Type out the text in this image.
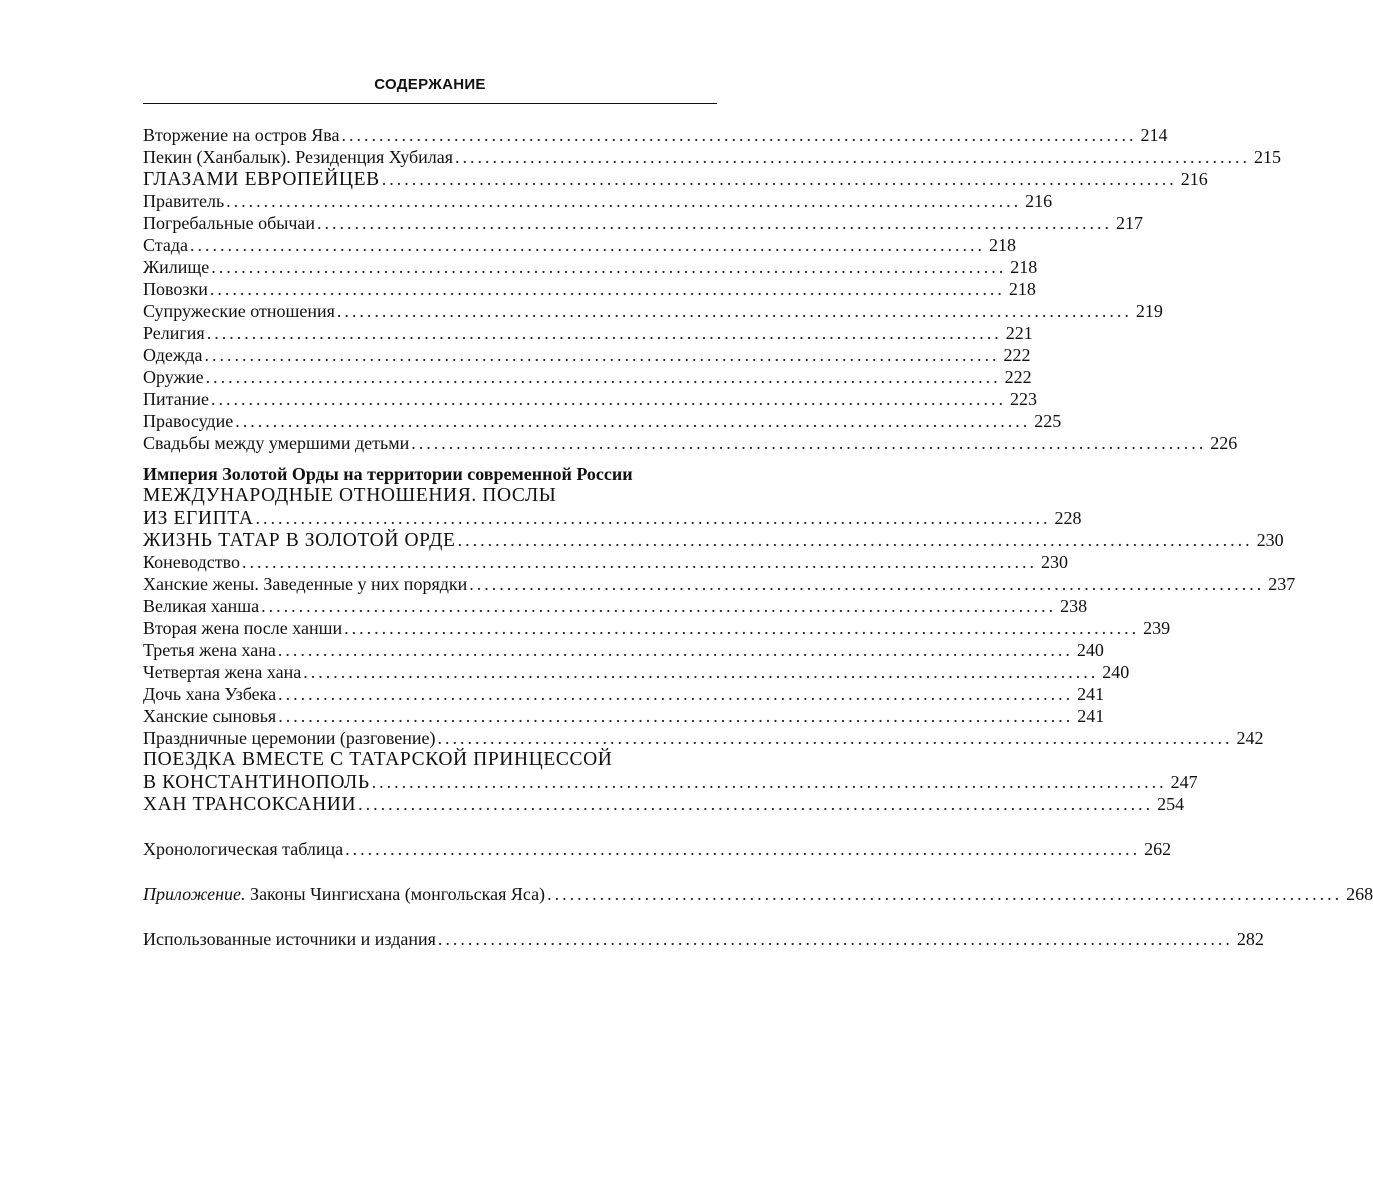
СОДЕРЖАНИЕ
Вторжение на остров Ява .......................................................................................................... 214
Пекин (Ханбалык). Резиденция Хубилая .......................................................................................................... 215
ГЛАЗАМИ ЕВРОПЕЙЦЕВ .......................................................................................................... 216
Правитель .......................................................................................................... 216
Погребальные обычаи .......................................................................................................... 217
Стада .......................................................................................................... 218
Жилище .......................................................................................................... 218
Повозки .......................................................................................................... 218
Супружеские отношения .......................................................................................................... 219
Религия .......................................................................................................... 221
Одежда .......................................................................................................... 222
Оружие .......................................................................................................... 222
Питание .......................................................................................................... 223
Правосудие .......................................................................................................... 225
Свадьбы между умершими детьми .......................................................................................................... 226
Империя Золотой Орды на территории современной России
МЕЖДУНАРОДНЫЕ ОТНОШЕНИЯ. ПОСЛЫ
ИЗ ЕГИПТА .......................................................................................................... 228
ЖИЗНЬ ТАТАР В ЗОЛОТОЙ ОРДЕ .......................................................................................................... 230
Коневодство .......................................................................................................... 230
Ханские жены. Заведенные у них порядки .......................................................................................................... 237
Великая ханша .......................................................................................................... 238
Вторая жена после ханши .......................................................................................................... 239
Третья жена хана .......................................................................................................... 240
Четвертая жена хана .......................................................................................................... 240
Дочь хана Узбека .......................................................................................................... 241
Ханские сыновья .......................................................................................................... 241
Праздничные церемонии (разговение) .......................................................................................................... 242
ПОЕЗДКА ВМЕСТЕ С ТАТАРСКОЙ ПРИНЦЕССОЙ
В КОНСТАНТИНОПОЛЬ .......................................................................................................... 247
ХАН ТРАНСОКСАНИИ .......................................................................................................... 254
Хронологическая таблица .......................................................................................................... 262
Приложение. Законы Чингисхана (монгольская Яса) .......................................................................................................... 268
Использованные источники и издания .......................................................................................................... 282
